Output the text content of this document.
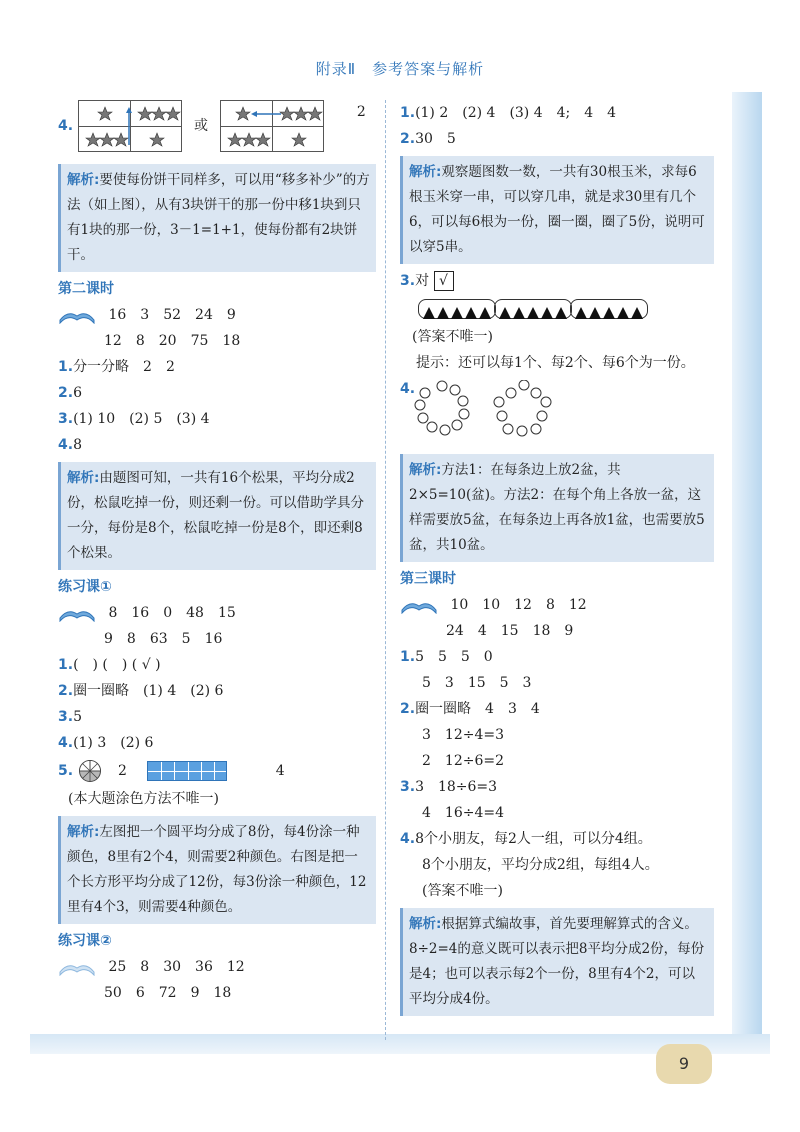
附录Ⅱ　参考答案与解析
4.	或
2
解析:要使每份饼干同样多，可以用“移多补少”的方法（如上图），从有3块饼干的那一份中移1块到只有1块的那一份，3－1=1+1，使每份都有2块饼干。
第二课时
16 3 52 24 9
12 8 20 75 18
1.分一分略　2　2
2.6
3.(1) 10　(2) 5　(3) 4
4.8
解析:由题图可知，一共有16个松果，平均分成2份，松鼠吃掉一份，则还剩一份。可以借助学具分一分，每份是8个，松鼠吃掉一份是8个，即还剩8个松果。
练习课①
8 16 0 48 15
9 8 63 5 16
1.(　) (　) ( √ )
2.圈一圈略　(1) 4　(2) 6
3.5
4.(1) 3　(2) 6
5.	2	4
(本大题涂色方法不唯一)
解析:左图把一个圆平均分成了8份，每4份涂一种颜色，8里有2个4，则需要2种颜色。右图是把一个长方形平均分成了12份，每3份涂一种颜色，12里有4个3，则需要4种颜色。
练习课②
25 8 30 36 12
50 6 72 9 18
1.(1) 2　(2) 4　(3) 4　4;　4　4
2.30　5
解析:观察题图数一数，一共有30根玉米，求每6根玉米穿一串，可以穿几串，就是求30里有几个6，可以每6根为一份，圈一圈，圈了5份，说明可以穿5串。
3.对 √
(答案不唯一)
提示：还可以每1个、每2个、每6个为一份。
4.
解析:方法1：在每条边上放2盆，共2×5=10(盆)。方法2：在每个角上各放一盆，这样需要放5盆，在每条边上再各放1盆，也需要放5盆，共10盆。
第三课时
10 10 12 8 12
24 4 15 18 9
1.5　5　5　0
5　3　15　5　3
2.圈一圈略　4　3　4
3　12÷4=3
2　12÷6=2
3.3　18÷6=3
4　16÷4=4
4.8个小朋友，每2人一组，可以分4组。
8个小朋友，平均分成2组，每组4人。
(答案不唯一)
解析:根据算式编故事，首先要理解算式的含义。8÷2=4的意义既可以表示把8平均分成2份，每份是4；也可以表示每2个一份，8里有4个2，可以平均分成4份。
9
